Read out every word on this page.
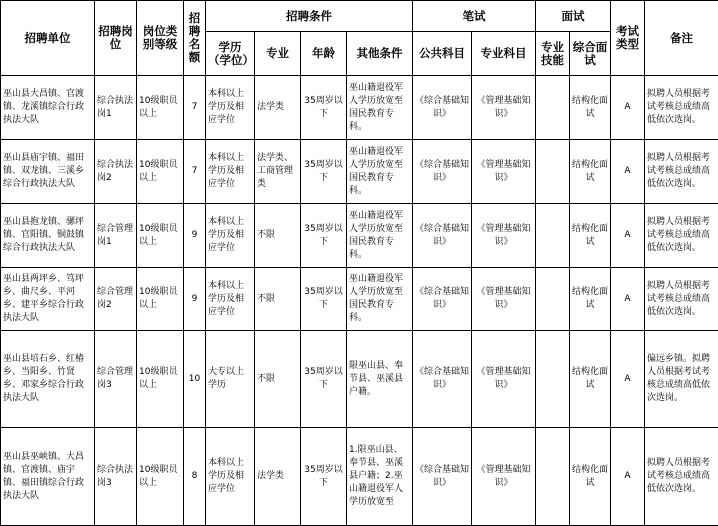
招聘单位	招聘岗位	岗位类别等级	招聘名额	招聘条件				笔试		面试		考试类型	备注
				学历（学位）	专业	年龄	其他条件	公共科目	专业科目	专业技能	综合面试		
巫山县大昌镇、官渡镇、龙溪镇综合行政执法大队	综合执法岗1	10级职员以上	7	本科以上学历及相应学位	法学类	35周岁以下	巫山籍退役军人学历放宽至国民教育专科。	《综合基础知识》	《管理基础知识》		结构化面试	A	拟聘人员根据考试考核总成绩高低依次选岗。
巫山县庙宇镇、福田镇、双龙镇、三溪乡综合行政执法大队	综合执法岗2	10级职员以上	7	本科以上学历及相应学位	法学类、工商管理类	35周岁以下	巫山籍退役军人学历放宽至国民教育专科。	《综合基础知识》	《管理基础知识》		结构化面试	A	拟聘人员根据考试考核总成绩高低依次选岗。
巫山县抱龙镇、骡坪镇、官阳镇、铜鼓镇综合行政执法大队	综合管理岗1	10级职员以上	9	本科以上学历及相应学位	不限	35周岁以下	巫山籍退役军人学历放宽至国民教育专科。	《综合基础知识》	《管理基础知识》		结构化面试	A	拟聘人员根据考试考核总成绩高低依次选岗。
巫山县两坪乡、笃坪乡、曲尺乡、平河乡、建平乡综合行政执法大队	综合管理岗2	10级职员以上	9	本科以上学历及相应学位	不限	35周岁以下	巫山籍退役军人学历放宽至国民教育专科。	《综合基础知识》	《管理基础知识》		结构化面试	A	拟聘人员根据考试考核总成绩高低依次选岗。
巫山县培石乡、红椿乡、当阳乡、竹贤乡、邓家乡综合行政执法大队	综合管理岗3	10级职员以上	10	大专以上学历	不限	35周岁以下	限巫山县、奉节县、巫溪县户籍。	《综合基础知识》	《管理基础知识》		结构化面试	A	偏远乡镇。拟聘人员根据考试考核总成绩高低依次选岗。
巫山县巫峡镇、大昌镇、官渡镇、庙宇镇、福田镇综合行政执法大队	综合执法岗3	10级职员以上	8	本科以上学历及相应学位	法学类	35周岁以下	1.限巫山县、奉节县、巫溪县户籍；2.巫山籍退役军人学历放宽至	《综合基础知识》	《管理基础知识》		结构化面试	A	拟聘人员根据考试考核总成绩高低依次选岗。
